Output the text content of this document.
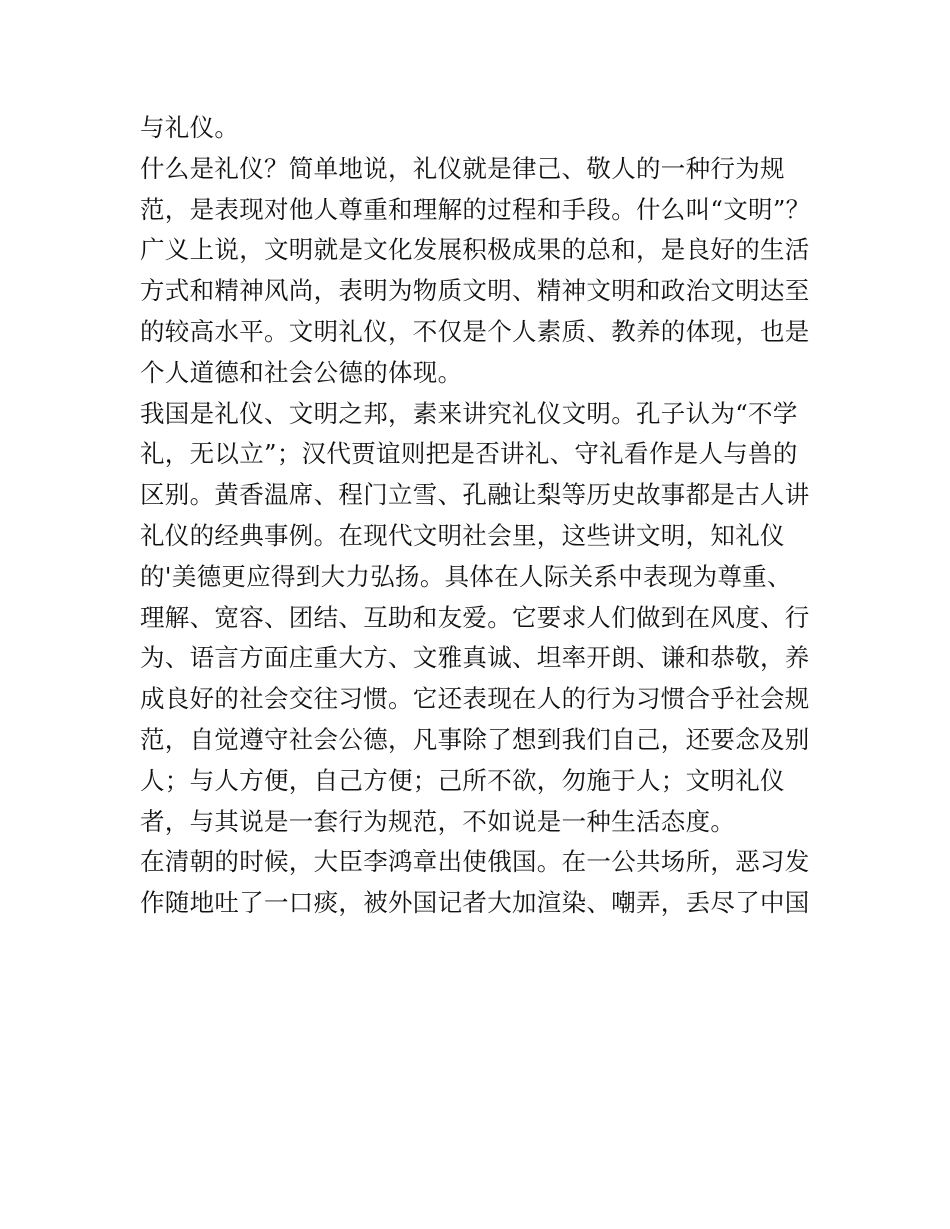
与礼仪。
什么是礼仪？简单地说，礼仪就是律己、敬人的一种行为规
范，是表现对他人尊重和理解的过程和手段。什么叫“文明”？
广义上说，文明就是文化发展积极成果的总和，是良好的生活
方式和精神风尚，表明为物质文明、精神文明和政治文明达至
的较高水平。文明礼仪，不仅是个人素质、教养的体现，也是
个人道德和社会公德的体现。
我国是礼仪、文明之邦，素来讲究礼仪文明。孔子认为“不学
礼，无以立”；汉代贾谊则把是否讲礼、守礼看作是人与兽的
区别。黄香温席、程门立雪、孔融让梨等历史故事都是古人讲
礼仪的经典事例。在现代文明社会里，这些讲文明，知礼仪
的'美德更应得到大力弘扬。具体在人际关系中表现为尊重、
理解、宽容、团结、互助和友爱。它要求人们做到在风度、行
为、语言方面庄重大方、文雅真诚、坦率开朗、谦和恭敬，养
成良好的社会交往习惯。它还表现在人的行为习惯合乎社会规
范，自觉遵守社会公德，凡事除了想到我们自己，还要念及别
人；与人方便，自己方便；己所不欲，勿施于人；文明礼仪
者，与其说是一套行为规范，不如说是一种生活态度。
在清朝的时候，大臣李鸿章出使俄国。在一公共场所，恶习发
作随地吐了一口痰，被外国记者大加渲染、嘲弄，丢尽了中国
